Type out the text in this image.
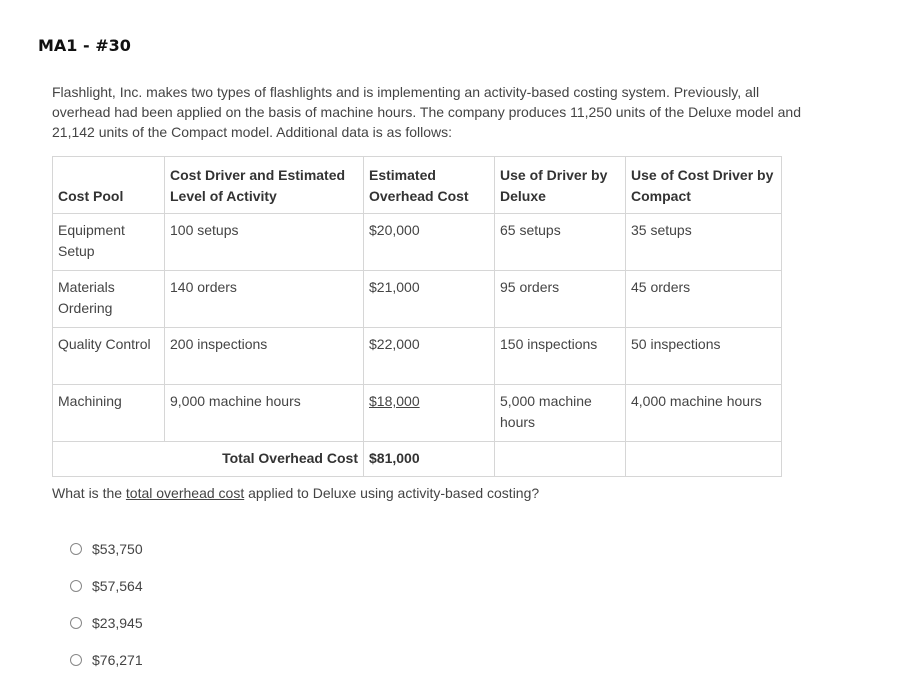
MA1 - #30
Flashlight, Inc. makes two types of flashlights and is implementing an activity-based costing system. Previously, all overhead had been applied on the basis of machine hours. The company produces 11,250 units of the Deluxe model and 21,142 units of the Compact model. Additional data is as follows:
Cost Pool	Cost Driver and Estimated Level of Activity	Estimated Overhead Cost	Use of Driver by Deluxe	Use of Cost Driver by Compact
Equipment Setup	100 setups	$20,000	65 setups	35 setups
Materials Ordering	140 orders	$21,000	95 orders	45 orders
Quality Control	200 inspections	$22,000	150 inspections	50 inspections
Machining	9,000 machine hours	$18,000	5,000 machine hours	4,000 machine hours
Total Overhead Cost		$81,000		
What is the total overhead cost applied to Deluxe using activity-based costing?
$53,750
$57,564
$23,945
$76,271
